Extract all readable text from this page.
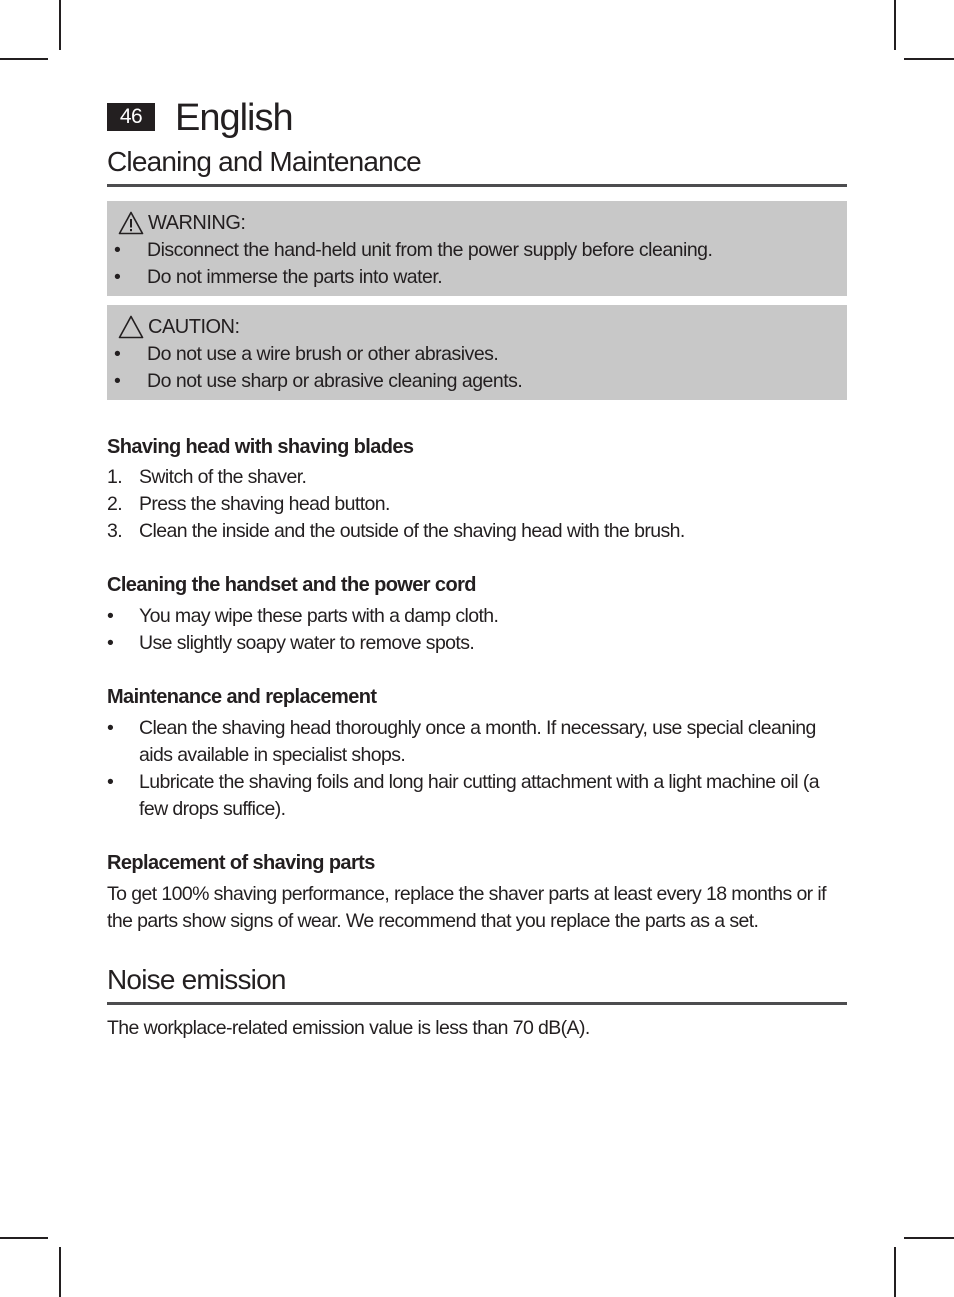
46 English
Cleaning and Maintenance
WARNING:
• Disconnect the hand-held unit from the power supply before cleaning.
• Do not immerse the parts into water.
CAUTION:
• Do not use a wire brush or other abrasives.
• Do not use sharp or abrasive cleaning agents.
Shaving head with shaving blades
1. Switch of the shaver.
2. Press the shaving head button.
3. Clean the inside and the outside of the shaving head with the brush.
Cleaning the handset and the power cord
• You may wipe these parts with a damp cloth.
• Use slightly soapy water to remove spots.
Maintenance and replacement
• Clean the shaving head thoroughly once a month. If necessary, use special cleaning aids available in specialist shops.
• Lubricate the shaving foils and long hair cutting attachment with a light machine oil (a few drops suffice).
Replacement of shaving parts
To get 100% shaving performance, replace the shaver parts at least every 18 months or if the parts show signs of wear. We recommend that you replace the parts as a set.
Noise emission
The workplace-related emission value is less than 70 dB(A).
